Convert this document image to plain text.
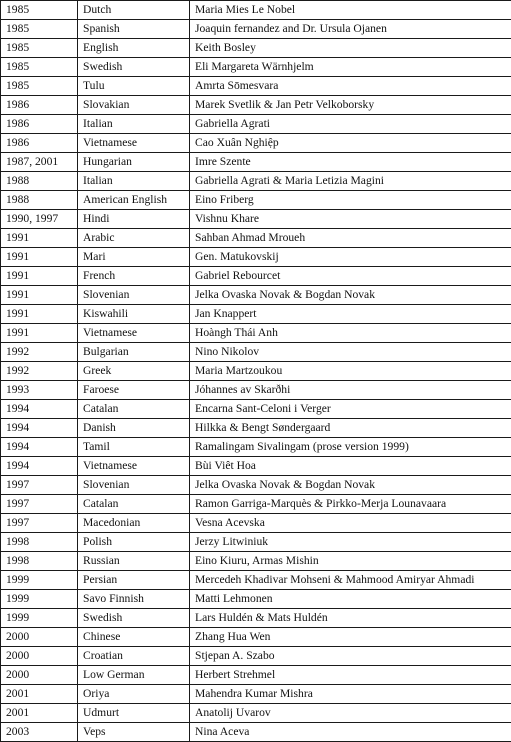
1985	Dutch	Maria Mies Le Nobel
1985	Spanish	Joaquin fernandez and Dr. Ursula Ojanen
1985	English	Keith Bosley
1985	Swedish	Eli Margareta Wärnhjelm
1985	Tulu	Amrta Sōmesvara
1986	Slovakian	Marek Svetlik & Jan Petr Velkoborsky
1986	Italian	Gabriella Agrati
1986	Vietnamese	Cao Xuân Nghiệp
1987, 2001	Hungarian	Imre Szente
1988	Italian	Gabriella Agrati & Maria Letizia Magini
1988	American English	Eino Friberg
1990, 1997	Hindi	Vishnu Khare
1991	Arabic	Sahban Ahmad Mroueh
1991	Mari	Gen. Matukovskij
1991	French	Gabriel Rebourcet
1991	Slovenian	Jelka Ovaska Novak & Bogdan Novak
1991	Kiswahili	Jan Knappert
1991	Vietnamese	Hoàngh Thái Anh
1992	Bulgarian	Nino Nikolov
1992	Greek	Maria Martzoukou
1993	Faroese	Jóhannes av Skarðhi
1994	Catalan	Encarna Sant-Celoni i Verger
1994	Danish	Hilkka & Bengt Søndergaard
1994	Tamil	Ramalingam Sivalingam (prose version 1999)
1994	Vietnamese	Bùi Viêt Hoa
1997	Slovenian	Jelka Ovaska Novak & Bogdan Novak
1997	Catalan	Ramon Garriga-Marquès & Pirkko-Merja Lounavaara
1997	Macedonian	Vesna Acevska
1998	Polish	Jerzy Litwiniuk
1998	Russian	Eino Kiuru, Armas Mishin
1999	Persian	Mercedeh Khadivar Mohseni & Mahmood Amiryar Ahmadi
1999	Savo Finnish	Matti Lehmonen
1999	Swedish	Lars Huldén & Mats Huldén
2000	Chinese	Zhang Hua Wen
2000	Croatian	Stjepan A. Szabo
2000	Low German	Herbert Strehmel
2001	Oriya	Mahendra Kumar Mishra
2001	Udmurt	Anatolij Uvarov
2003	Veps	Nina Aceva
